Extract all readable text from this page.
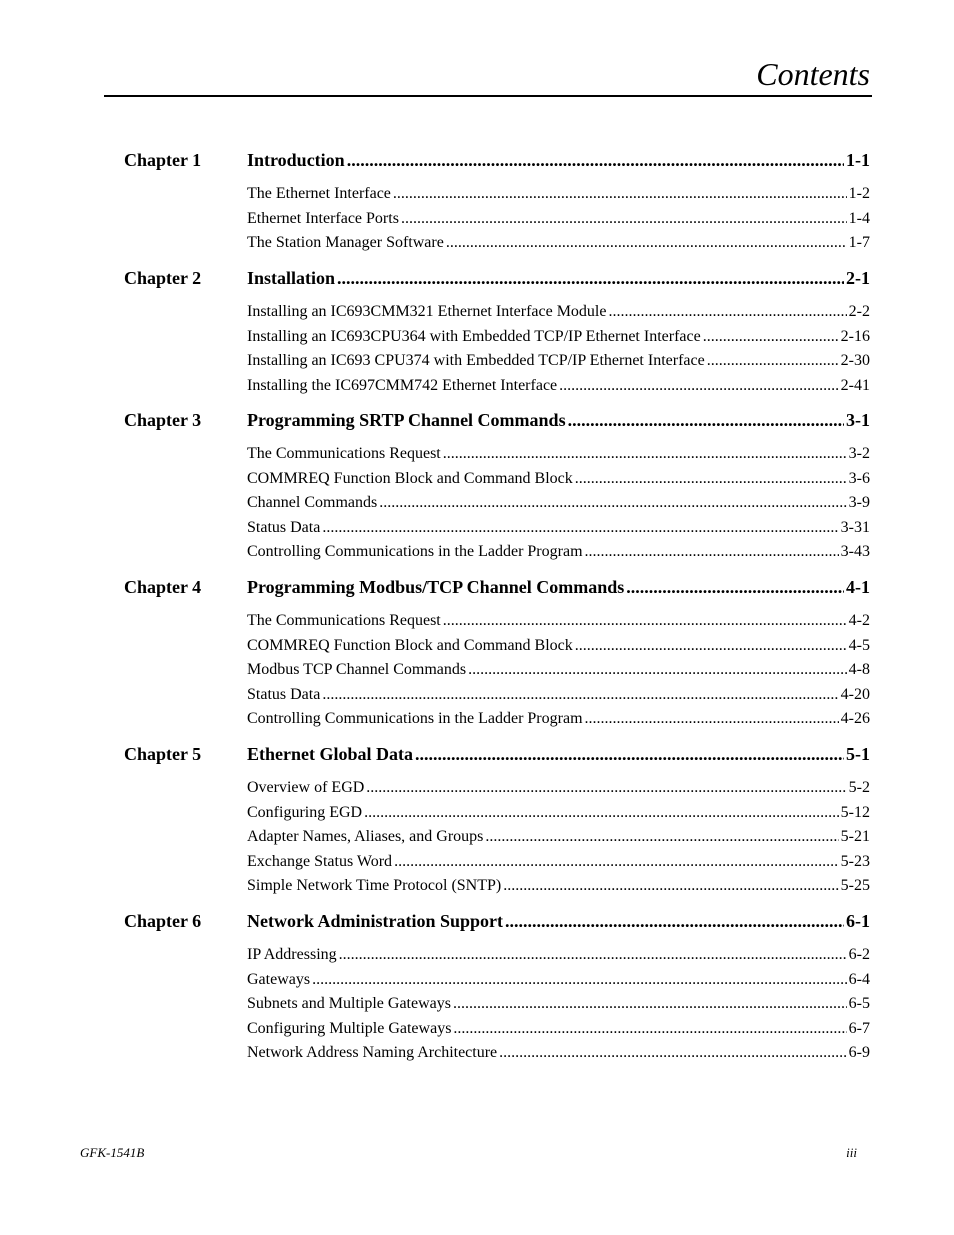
Contents
Chapter 1	Introduction .....	1-1
The Ethernet Interface .....	1-2
Ethernet Interface Ports .....	1-4
The Station Manager Software .....	1-7
Chapter 2	Installation .....	2-1
Installing an IC693CMM321 Ethernet Interface Module .....	2-2
Installing an IC693CPU364 with Embedded TCP/IP Ethernet Interface .....	2-16
Installing an IC693 CPU374 with Embedded TCP/IP Ethernet Interface .....	2-30
Installing the IC697CMM742 Ethernet Interface .....	2-41
Chapter 3	Programming SRTP Channel Commands .....	3-1
The Communications Request .....	3-2
COMMREQ Function Block and Command Block .....	3-6
Channel Commands .....	3-9
Status Data .....	3-31
Controlling Communications in the Ladder Program .....	3-43
Chapter 4	Programming Modbus/TCP Channel Commands .....	4-1
The Communications Request .....	4-2
COMMREQ Function Block and Command Block .....	4-5
Modbus TCP Channel Commands .....	4-8
Status Data .....	4-20
Controlling Communications in the Ladder Program .....	4-26
Chapter 5	Ethernet Global Data .....	5-1
Overview of EGD .....	5-2
Configuring EGD .....	5-12
Adapter Names, Aliases, and Groups .....	5-21
Exchange Status Word .....	5-23
Simple Network Time Protocol (SNTP) .....	5-25
Chapter 6	Network Administration Support .....	6-1
IP Addressing .....	6-2
Gateways .....	6-4
Subnets and Multiple Gateways .....	6-5
Configuring Multiple Gateways .....	6-7
Network Address Naming Architecture .....	6-9
GFK-1541B	iii
